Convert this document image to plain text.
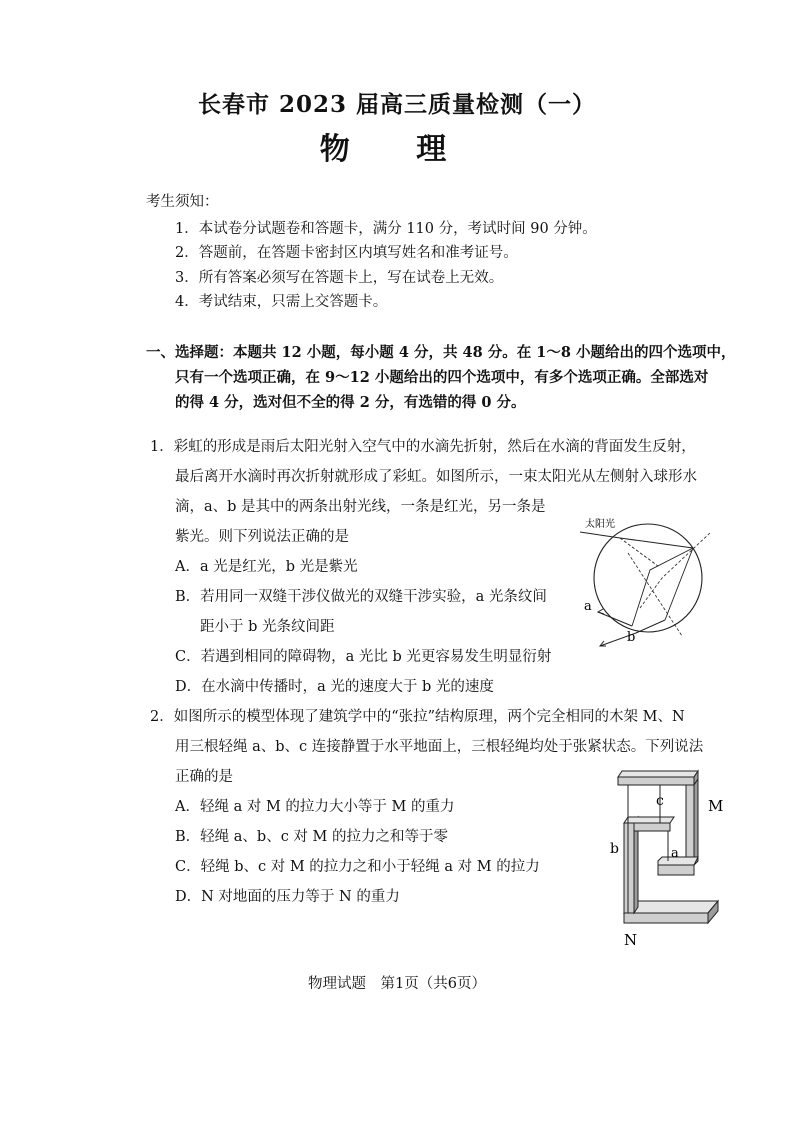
长春市 2023 届高三质量检测（一）
物 理
考生须知：
1．本试卷分试题卷和答题卡，满分 110 分，考试时间 90 分钟。
2．答题前，在答题卡密封区内填写姓名和准考证号。
3．所有答案必须写在答题卡上，写在试卷上无效。
4．考试结束，只需上交答题卡。
一、选择题：本题共 12 小题，每小题 4 分，共 48 分。在 1～8 小题给出的四个选项中，
只有一个选项正确，在 9～12 小题给出的四个选项中，有多个选项正确。全部选对
的得 4 分，选对但不全的得 2 分，有选错的得 0 分。
1．彩虹的形成是雨后太阳光射入空气中的水滴先折射，然后在水滴的背面发生反射，
最后离开水滴时再次折射就形成了彩虹。如图所示，一束太阳光从左侧射入球形水
滴，a、b 是其中的两条出射光线，一条是红光，另一条是
紫光。则下列说法正确的是
A．a 光是红光，b 光是紫光
B．若用同一双缝干涉仪做光的双缝干涉实验，a 光条纹间
距小于 b 光条纹间距
C．若遇到相同的障碍物，a 光比 b 光更容易发生明显衍射
D．在水滴中传播时，a 光的速度大于 b 光的速度
太阳光
a
b
2．如图所示的模型体现了建筑学中的“张拉”结构原理，两个完全相同的木架 M、N
用三根轻绳 a、b、c 连接静置于水平地面上，三根轻绳均处于张紧状态。下列说法
正确的是
A．轻绳 a 对 M 的拉力大小等于 M 的重力
B．轻绳 a、b、c 对 M 的拉力之和等于零
C．轻绳 b、c 对 M 的拉力之和小于轻绳 a 对 M 的拉力
D．N 对地面的压力等于 N 的重力
M
N
b
c
a
物理试题　第1页（共6页）
